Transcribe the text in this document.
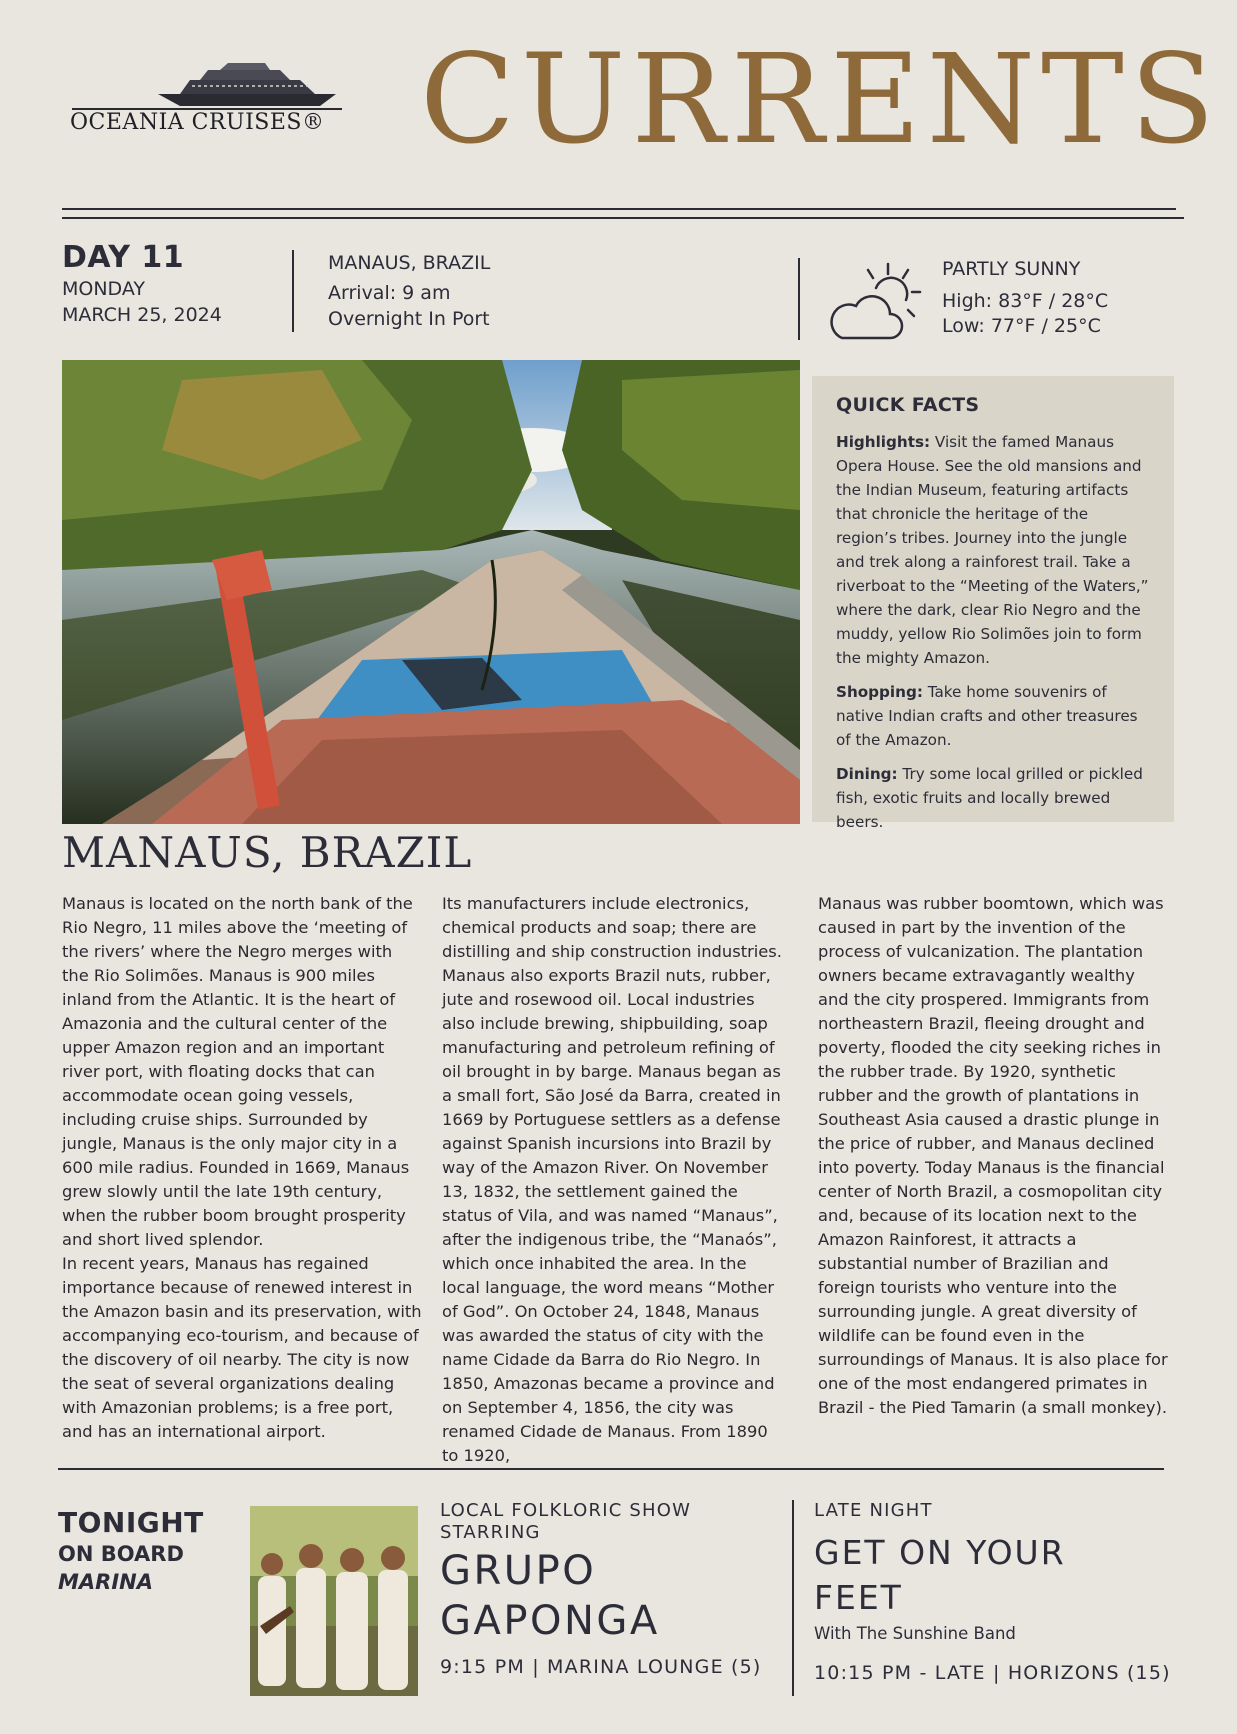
OCEANIA CRUISES® CURRENTS
DAY 11
MONDAY
MARCH 25, 2024
MANAUS, BRAZIL
Arrival: 9 am
Overnight In Port
PARTLY SUNNY
High: 83°F / 28°C
Low: 77°F / 25°C
QUICK FACTS

Highlights: Visit the famed Manaus Opera House. See the old mansions and the Indian Museum, featuring artifacts that chronicle the heritage of the region’s tribes. Journey into the jungle and trek along a rainforest trail. Take a riverboat to the “Meeting of the Waters,” where the dark, clear Rio Negro and the muddy, yellow Rio Solimões join to form the mighty Amazon.

Shopping: Take home souvenirs of native Indian crafts and other treasures of the Amazon.

Dining: Try some local grilled or pickled fish, exotic fruits and locally brewed beers.

MANAUS, BRAZIL
Manaus is located on the north bank of the Rio Negro, 11 miles above the ‘meeting of the rivers’ where the Negro merges with the Rio Solimões. Manaus is 900 miles inland from the Atlantic. It is the heart of Amazonia and the cultural center of the upper Amazon region and an important river port, with floating docks that can accommodate ocean going vessels, including cruise ships. Surrounded by jungle, Manaus is the only major city in a 600 mile radius. Founded in 1669, Manaus grew slowly until the late 19th century, when the rubber boom brought prosperity and short lived splendor.
In recent years, Manaus has regained importance because of renewed interest in the Amazon basin and its preservation, with accompanying eco-tourism, and because of the discovery of oil nearby. The city is now the seat of several organizations dealing with Amazonian problems; is a free port, and has an international airport.
Its manufacturers include electronics, chemical products and soap; there are distilling and ship construction industries. Manaus also exports Brazil nuts, rubber, jute and rosewood oil. Local industries also include brewing, shipbuilding, soap manufacturing and petroleum refining of oil brought in by barge. Manaus began as a small fort, São José da Barra, created in 1669 by Portuguese settlers as a defense against Spanish incursions into Brazil by way of the Amazon River. On November 13, 1832, the settlement gained the status of Vila, and was named “Manaus”, after the indigenous tribe, the “Manaós”, which once inhabited the area. In the local language, the word means “Mother of God”. On October 24, 1848, Manaus was awarded the status of city with the name Cidade da Barra do Rio Negro. In 1850, Amazonas became a province and on September 4, 1856, the city was renamed Cidade de Manaus. From 1890 to 1920,
Manaus was rubber boomtown, which was caused in part by the invention of the process of vulcanization. The plantation owners became extravagantly wealthy and the city prospered. Immigrants from northeastern Brazil, fleeing drought and poverty, flooded the city seeking riches in the rubber trade. By 1920, synthetic rubber and the growth of plantations in Southeast Asia caused a drastic plunge in the price of rubber, and Manaus declined into poverty. Today Manaus is the financial center of North Brazil, a cosmopolitan city and, because of its location next to the Amazon Rainforest, it attracts a substantial number of Brazilian and foreign tourists who venture into the surrounding jungle. A great diversity of wildlife can be found even in the surroundings of Manaus. It is also place for one of the most endangered primates in Brazil - the Pied Tamarin (a small monkey).
TONIGHT
ON BOARD
MARINA
LOCAL FOLKLORIC SHOW STARRING
GRUPO GAPONGA
9:15 PM | MARINA LOUNGE (5)
LATE NIGHT
GET ON YOUR FEET
With The Sunshine Band
10:15 PM - LATE | HORIZONS (15)
